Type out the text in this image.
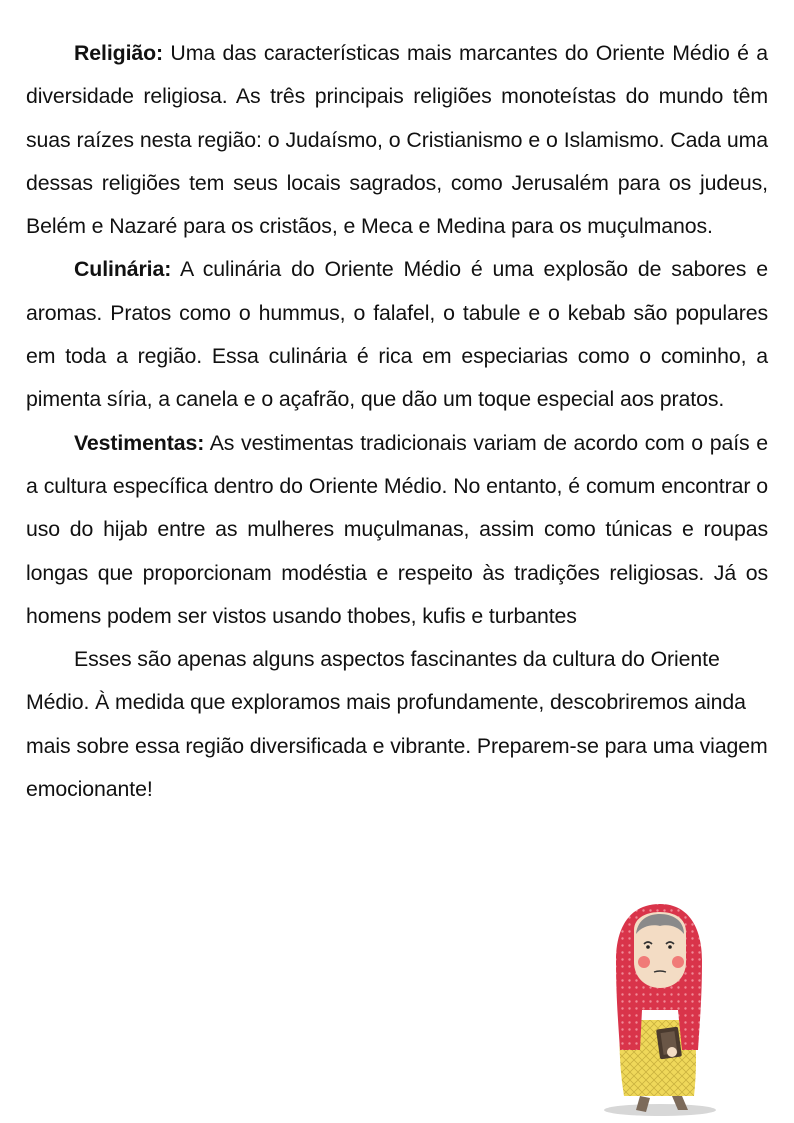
Religião: Uma das características mais marcantes do Oriente Médio é a diversidade religiosa. As três principais religiões monoteístas do mundo têm suas raízes nesta região: o Judaísmo, o Cristianismo e o Islamismo. Cada uma dessas religiões tem seus locais sagrados, como Jerusalém para os judeus, Belém e Nazaré para os cristãos, e Meca e Medina para os muçulmanos.

Culinária: A culinária do Oriente Médio é uma explosão de sabores e aromas. Pratos como o hummus, o falafel, o tabule e o kebab são populares em toda a região. Essa culinária é rica em especiarias como o cominho, a pimenta síria, a canela e o açafrão, que dão um toque especial aos pratos.

Vestimentas: As vestimentas tradicionais variam de acordo com o país e a cultura específica dentro do Oriente Médio. No entanto, é comum encontrar o uso do hijab entre as mulheres muçulmanas, assim como túnicas e roupas longas que proporcionam modéstia e respeito às tradições religiosas. Já os homens podem ser vistos usando thobes, kufis e turbantes

Esses são apenas alguns aspectos fascinantes da cultura do Oriente Médio. À medida que exploramos mais profundamente, descobriremos ainda mais sobre essa região diversificada e vibrante. Preparem-se para uma viagem emocionante!
